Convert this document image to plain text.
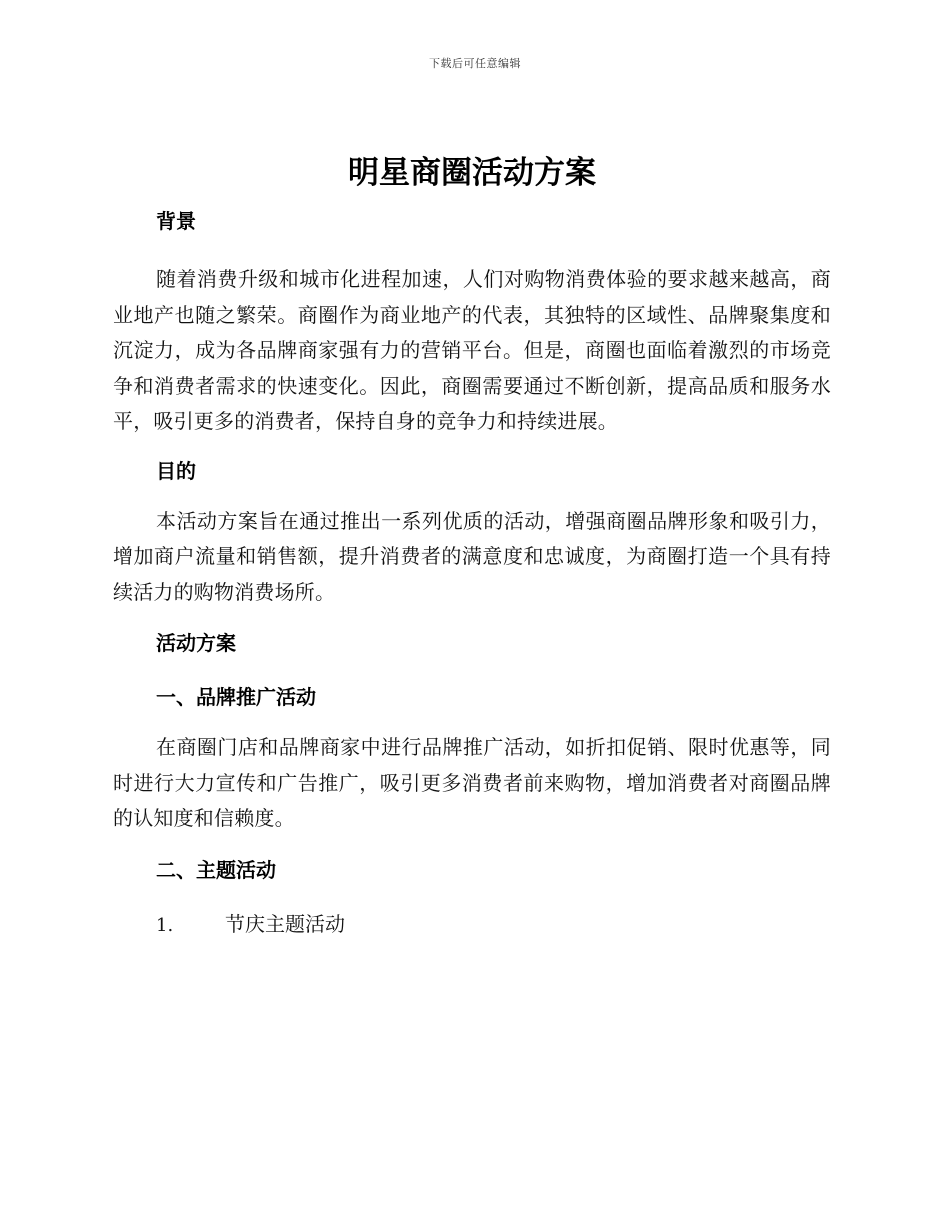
下载后可任意编辑
明星商圈活动方案

背景

随着消费升级和城市化进程加速，人们对购物消费体验的要求越来越高，商业地产也随之繁荣。商圈作为商业地产的代表，其独特的区域性、品牌聚集度和沉淀力，成为各品牌商家强有力的营销平台。但是，商圈也面临着激烈的市场竞争和消费者需求的快速变化。因此，商圈需要通过不断创新，提高品质和服务水平，吸引更多的消费者，保持自身的竞争力和持续进展。

目的

本活动方案旨在通过推出一系列优质的活动，增强商圈品牌形象和吸引力，增加商户流量和销售额，提升消费者的满意度和忠诚度，为商圈打造一个具有持续活力的购物消费场所。

活动方案

一、品牌推广活动

在商圈门店和品牌商家中进行品牌推广活动，如折扣促销、限时优惠等，同时进行大力宣传和广告推广，吸引更多消费者前来购物，增加消费者对商圈品牌的认知度和信赖度。

二、主题活动

1.	节庆主题活动
